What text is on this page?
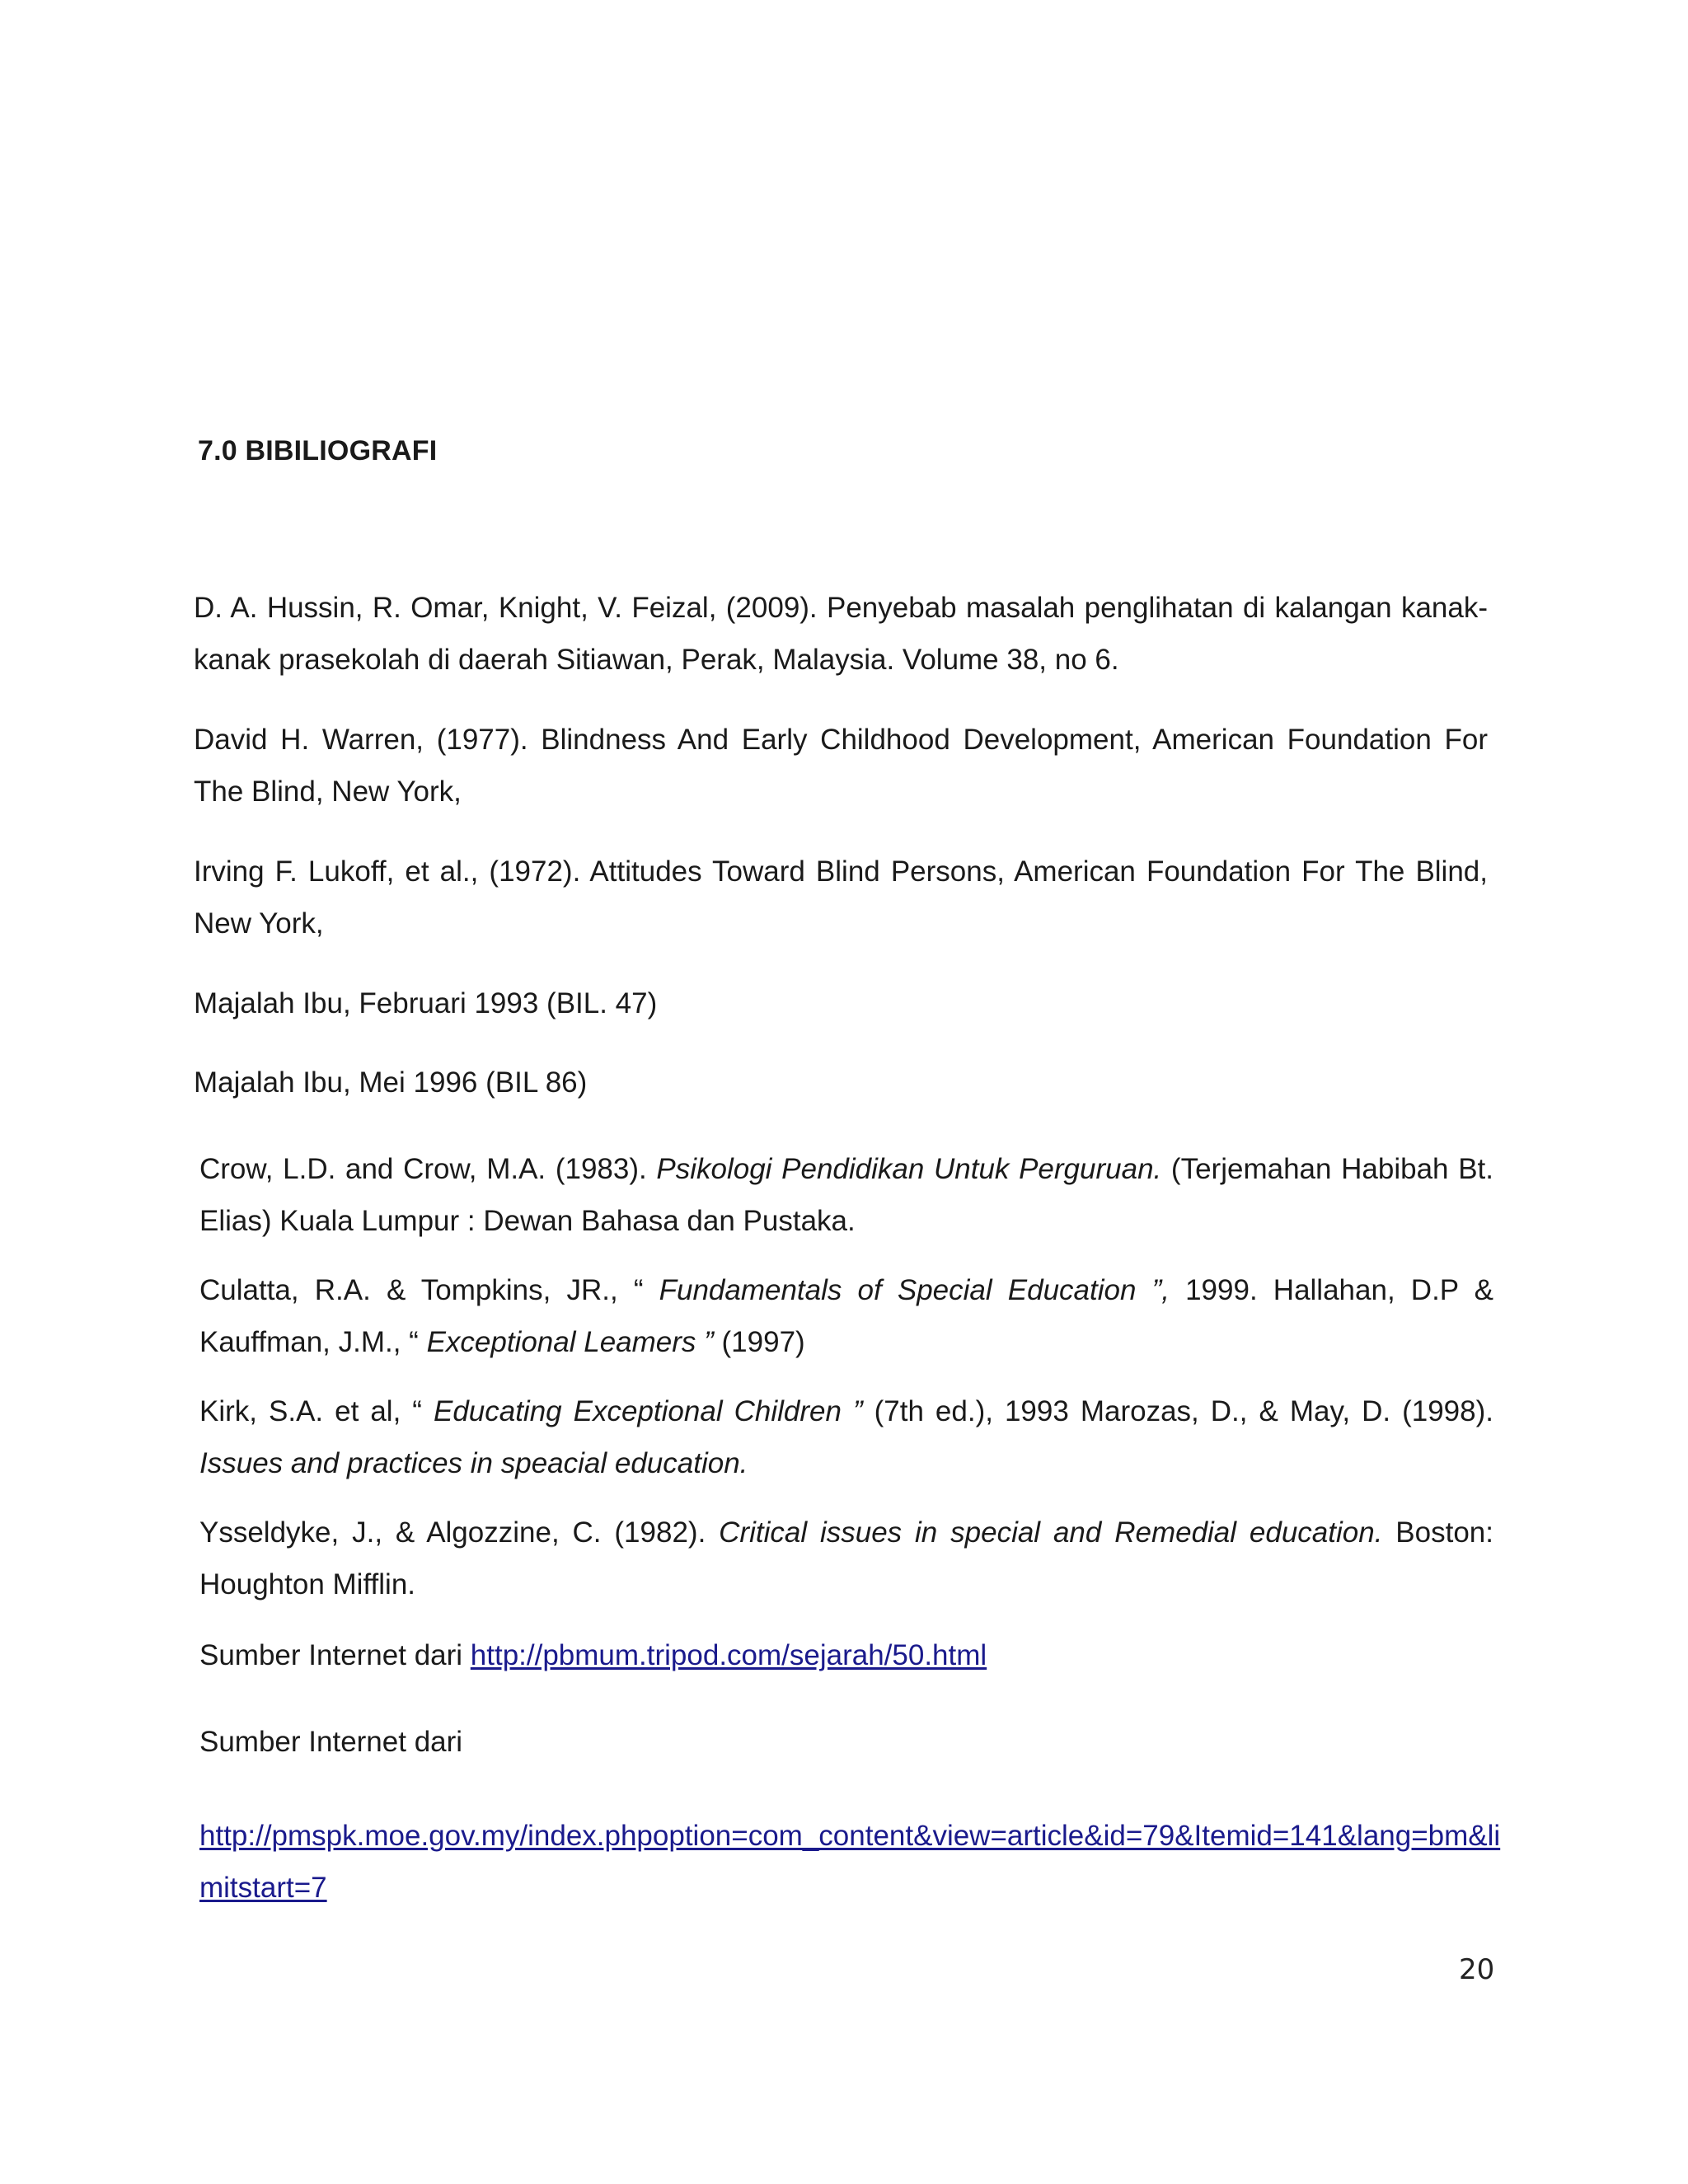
7.0 BIBILIOGRAFI

D. A. Hussin, R. Omar, Knight, V. Feizal, (2009). Penyebab masalah penglihatan di kalangan kanak-kanak prasekolah di daerah Sitiawan, Perak, Malaysia. Volume 38, no 6.

David H. Warren, (1977). Blindness And Early Childhood Development, American Foundation For The Blind, New York,

Irving F. Lukoff, et al., (1972). Attitudes Toward Blind Persons, American Foundation For The Blind, New York,

Majalah Ibu, Februari 1993 (BIL. 47)

Majalah Ibu, Mei 1996 (BIL 86)

Crow, L.D. and Crow, M.A. (1983). Psikologi Pendidikan Untuk Perguruan. (Terjemahan Habibah Bt. Elias) Kuala Lumpur : Dewan Bahasa dan Pustaka.

Culatta, R.A. & Tompkins, JR., “ Fundamentals of Special Education ”, 1999. Hallahan, D.P & Kauffman, J.M., “ Exceptional Leamers ” (1997)

Kirk, S.A. et al, “ Educating Exceptional Children ” (7th ed.), 1993 Marozas, D., & May, D. (1998). Issues and practices in speacial education.

Ysseldyke, J., & Algozzine, C. (1982). Critical issues in special and Remedial education. Boston: Houghton Mifflin.

Sumber Internet dari http://pbmum.tripod.com/sejarah/50.html

Sumber Internet dari

http://pmspk.moe.gov.my/index.phpoption=com_content&view=article&id=79&Itemid=141&lang=bm&limitstart=7

20
